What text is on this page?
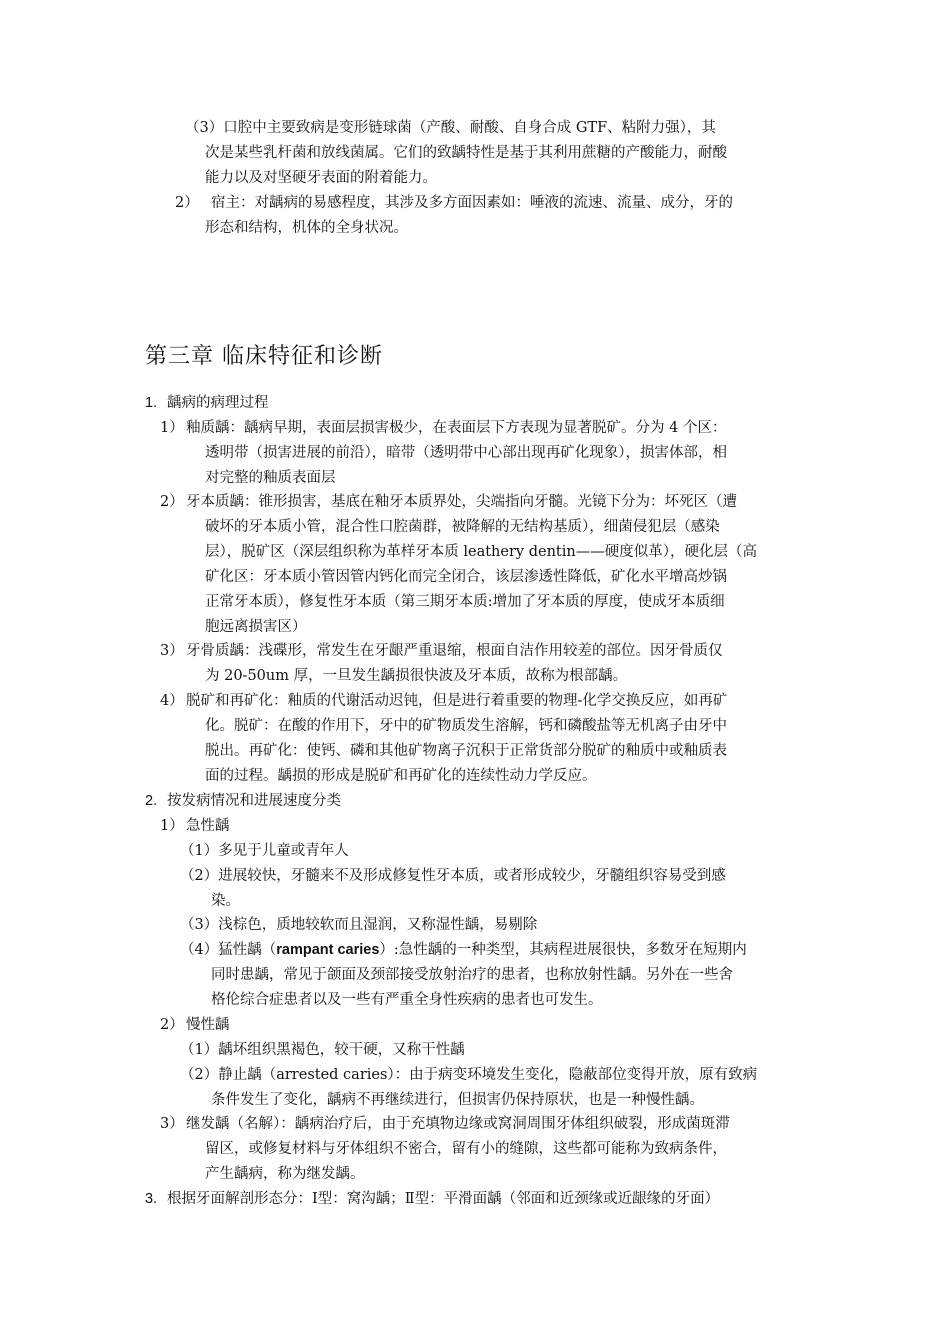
（3）口腔中主要致病是变形链球菌（产酸、耐酸、自身合成 GTF、粘附力强），其
次是某些乳杆菌和放线菌属。它们的致龋特性是基于其利用蔗糖的产酸能力，耐酸
能力以及对坚硬牙表面的附着能力。
2） 宿主：对龋病的易感程度，其涉及多方面因素如：唾液的流速、流量、成分，牙的
形态和结构，机体的全身状况。
第三章 临床特征和诊断
1. 龋病的病理过程
1） 釉质龋：龋病早期，表面层损害极少，在表面层下方表现为显著脱矿。分为 4 个区：
透明带（损害进展的前沿），暗带（透明带中心部出现再矿化现象），损害体部，相
对完整的釉质表面层
2） 牙本质龋：锥形损害，基底在釉牙本质界处，尖端指向牙髓。光镜下分为：坏死区（遭
破坏的牙本质小管，混合性口腔菌群，被降解的无结构基质），细菌侵犯层（感染
层），脱矿区（深层组织称为革样牙本质 leathery dentin——硬度似革），硬化层（高
矿化区：牙本质小管因管内钙化而完全闭合，该层渗透性降低，矿化水平增高炒锅
正常牙本质），修复性牙本质（第三期牙本质:增加了牙本质的厚度，使成牙本质细
胞远离损害区）
3） 牙骨质龋：浅碟形，常发生在牙龈严重退缩，根面自洁作用较差的部位。因牙骨质仅
为 20-50um 厚，一旦发生龋损很快波及牙本质，故称为根部龋。
4） 脱矿和再矿化：釉质的代谢活动迟钝，但是进行着重要的物理-化学交换反应，如再矿
化。脱矿：在酸的作用下，牙中的矿物质发生溶解，钙和磷酸盐等无机离子由牙中
脱出。再矿化：使钙、磷和其他矿物离子沉积于正常货部分脱矿的釉质中或釉质表
面的过程。龋损的形成是脱矿和再矿化的连续性动力学反应。
2. 按发病情况和进展速度分类
1） 急性龋
（1）多见于儿童或青年人
（2）进展较快，牙髓来不及形成修复性牙本质，或者形成较少，牙髓组织容易受到感
染。
（3）浅棕色，质地较软而且湿润，又称湿性龋，易剔除
（4）猛性龋（rampant caries）:急性龋的一种类型，其病程进展很快，多数牙在短期内
同时患龋，常见于颌面及颈部接受放射治疗的患者，也称放射性龋。另外在一些舍
格伦综合症患者以及一些有严重全身性疾病的患者也可发生。
2） 慢性龋
（1）龋坏组织黑褐色，较干硬，又称干性龋
（2）静止龋（arrested caries）：由于病变环境发生变化，隐蔽部位变得开放，原有致病
条件发生了变化，龋病不再继续进行，但损害仍保持原状，也是一种慢性龋。
3） 继发龋（名解）：龋病治疗后，由于充填物边缘或窝洞周围牙体组织破裂，形成菌斑滞
留区，或修复材料与牙体组织不密合，留有小的缝隙，这些都可能称为致病条件，
产生龋病，称为继发龋。
3. 根据牙面解剖形态分：Ⅰ型：窝沟龋；Ⅱ型：平滑面龋（邻面和近颈缘或近龈缘的牙面）
